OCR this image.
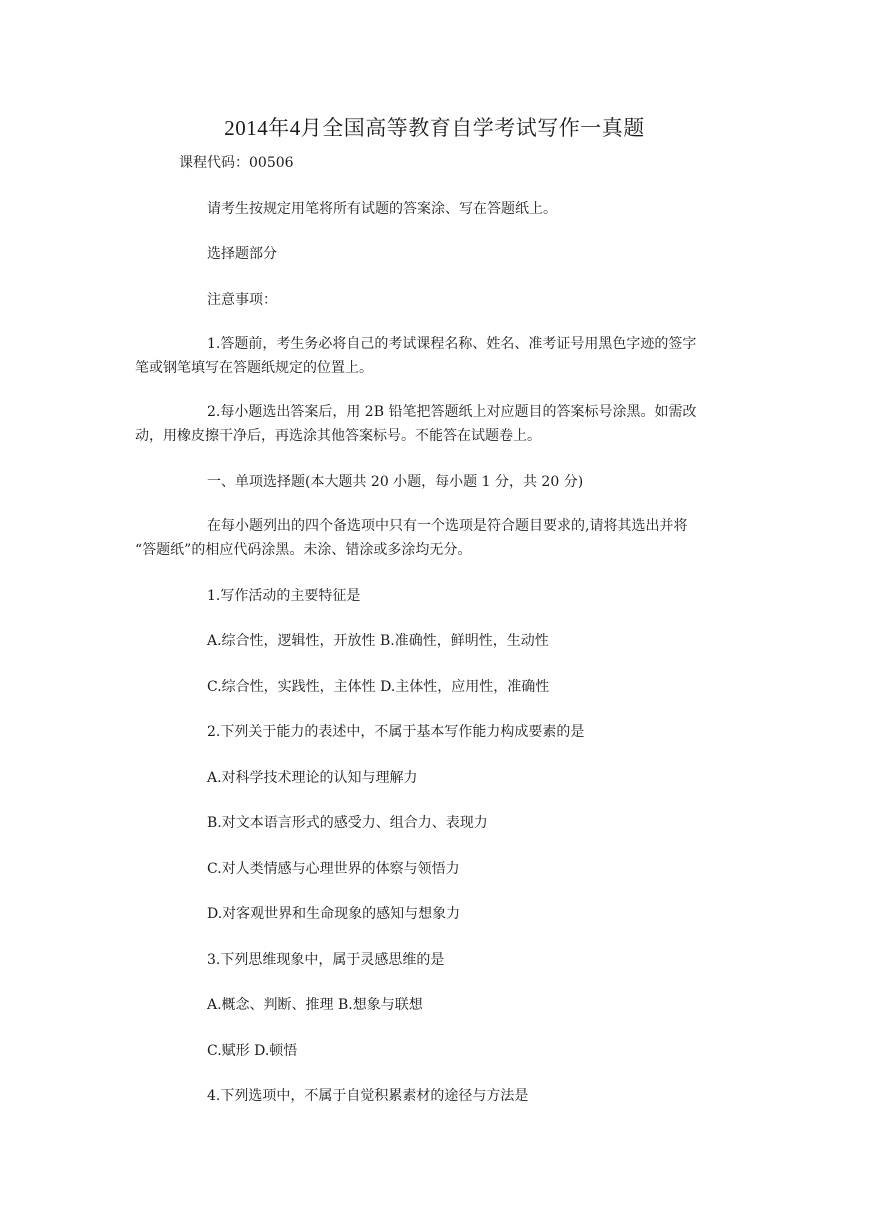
2014年4月全国高等教育自学考试写作一真题
课程代码：00506
请考生按规定用笔将所有试题的答案涂、写在答题纸上。
选择题部分
注意事项：
1.答题前，考生务必将自己的考试课程名称、姓名、准考证号用黑色字迹的签字
笔或钢笔填写在答题纸规定的位置上。
2.每小题选出答案后，用 2B 铅笔把答题纸上对应题目的答案标号涂黑。如需改
动，用橡皮擦干净后，再选涂其他答案标号。不能答在试题卷上。
一、单项选择题(本大题共 20 小题，每小题 1 分，共 20 分)
在每小题列出的四个备选项中只有一个选项是符合题目要求的,请将其选出并将
“答题纸”的相应代码涂黑。未涂、错涂或多涂均无分。
1.写作活动的主要特征是
A.综合性，逻辑性，开放性 B.准确性，鲜明性，生动性
C.综合性，实践性，主体性 D.主体性，应用性，准确性
2.下列关于能力的表述中，不属于基本写作能力构成要素的是
A.对科学技术理论的认知与理解力
B.对文本语言形式的感受力、组合力、表现力
C.对人类情感与心理世界的体察与领悟力
D.对客观世界和生命现象的感知与想象力
3.下列思维现象中，属于灵感思维的是
A.概念、判断、推理 B.想象与联想
C.赋形 D.顿悟
4.下列选项中，不属于自觉积累素材的途径与方法是
